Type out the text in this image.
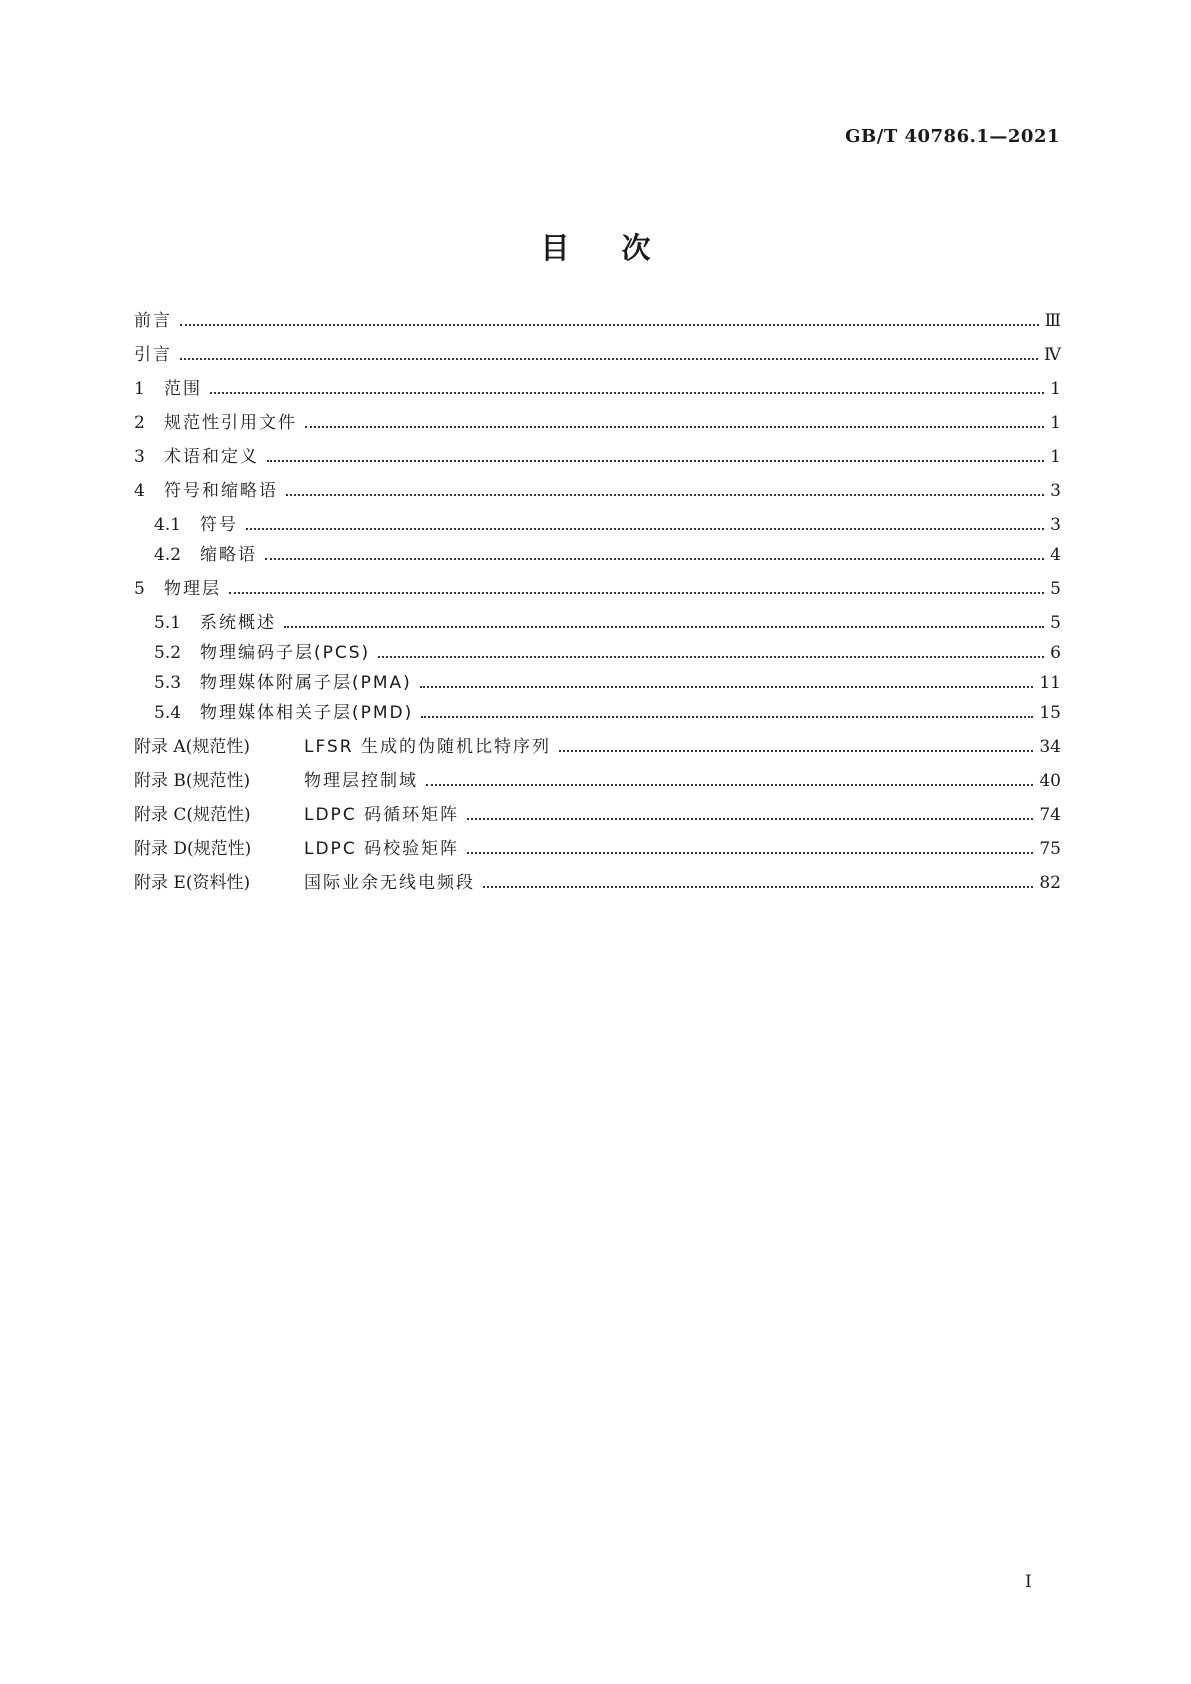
GB/T 40786.1—2021
目次
前言	Ⅲ
引言	Ⅳ
1	范围	1
2	规范性引用文件	1
3	术语和定义	1
4	符号和缩略语	3
4.1	符号	3
4.2	缩略语	4
5	物理层	5
5.1	系统概述	5
5.2	物理编码子层(PCS)	6
5.3	物理媒体附属子层(PMA)	11
5.4	物理媒体相关子层(PMD)	15
附录 A(规范性)	LFSR 生成的伪随机比特序列	34
附录 B(规范性)	物理层控制域	40
附录 C(规范性)	LDPC 码循环矩阵	74
附录 D(规范性)	LDPC 码校验矩阵	75
附录 E(资料性)	国际业余无线电频段	82
I
